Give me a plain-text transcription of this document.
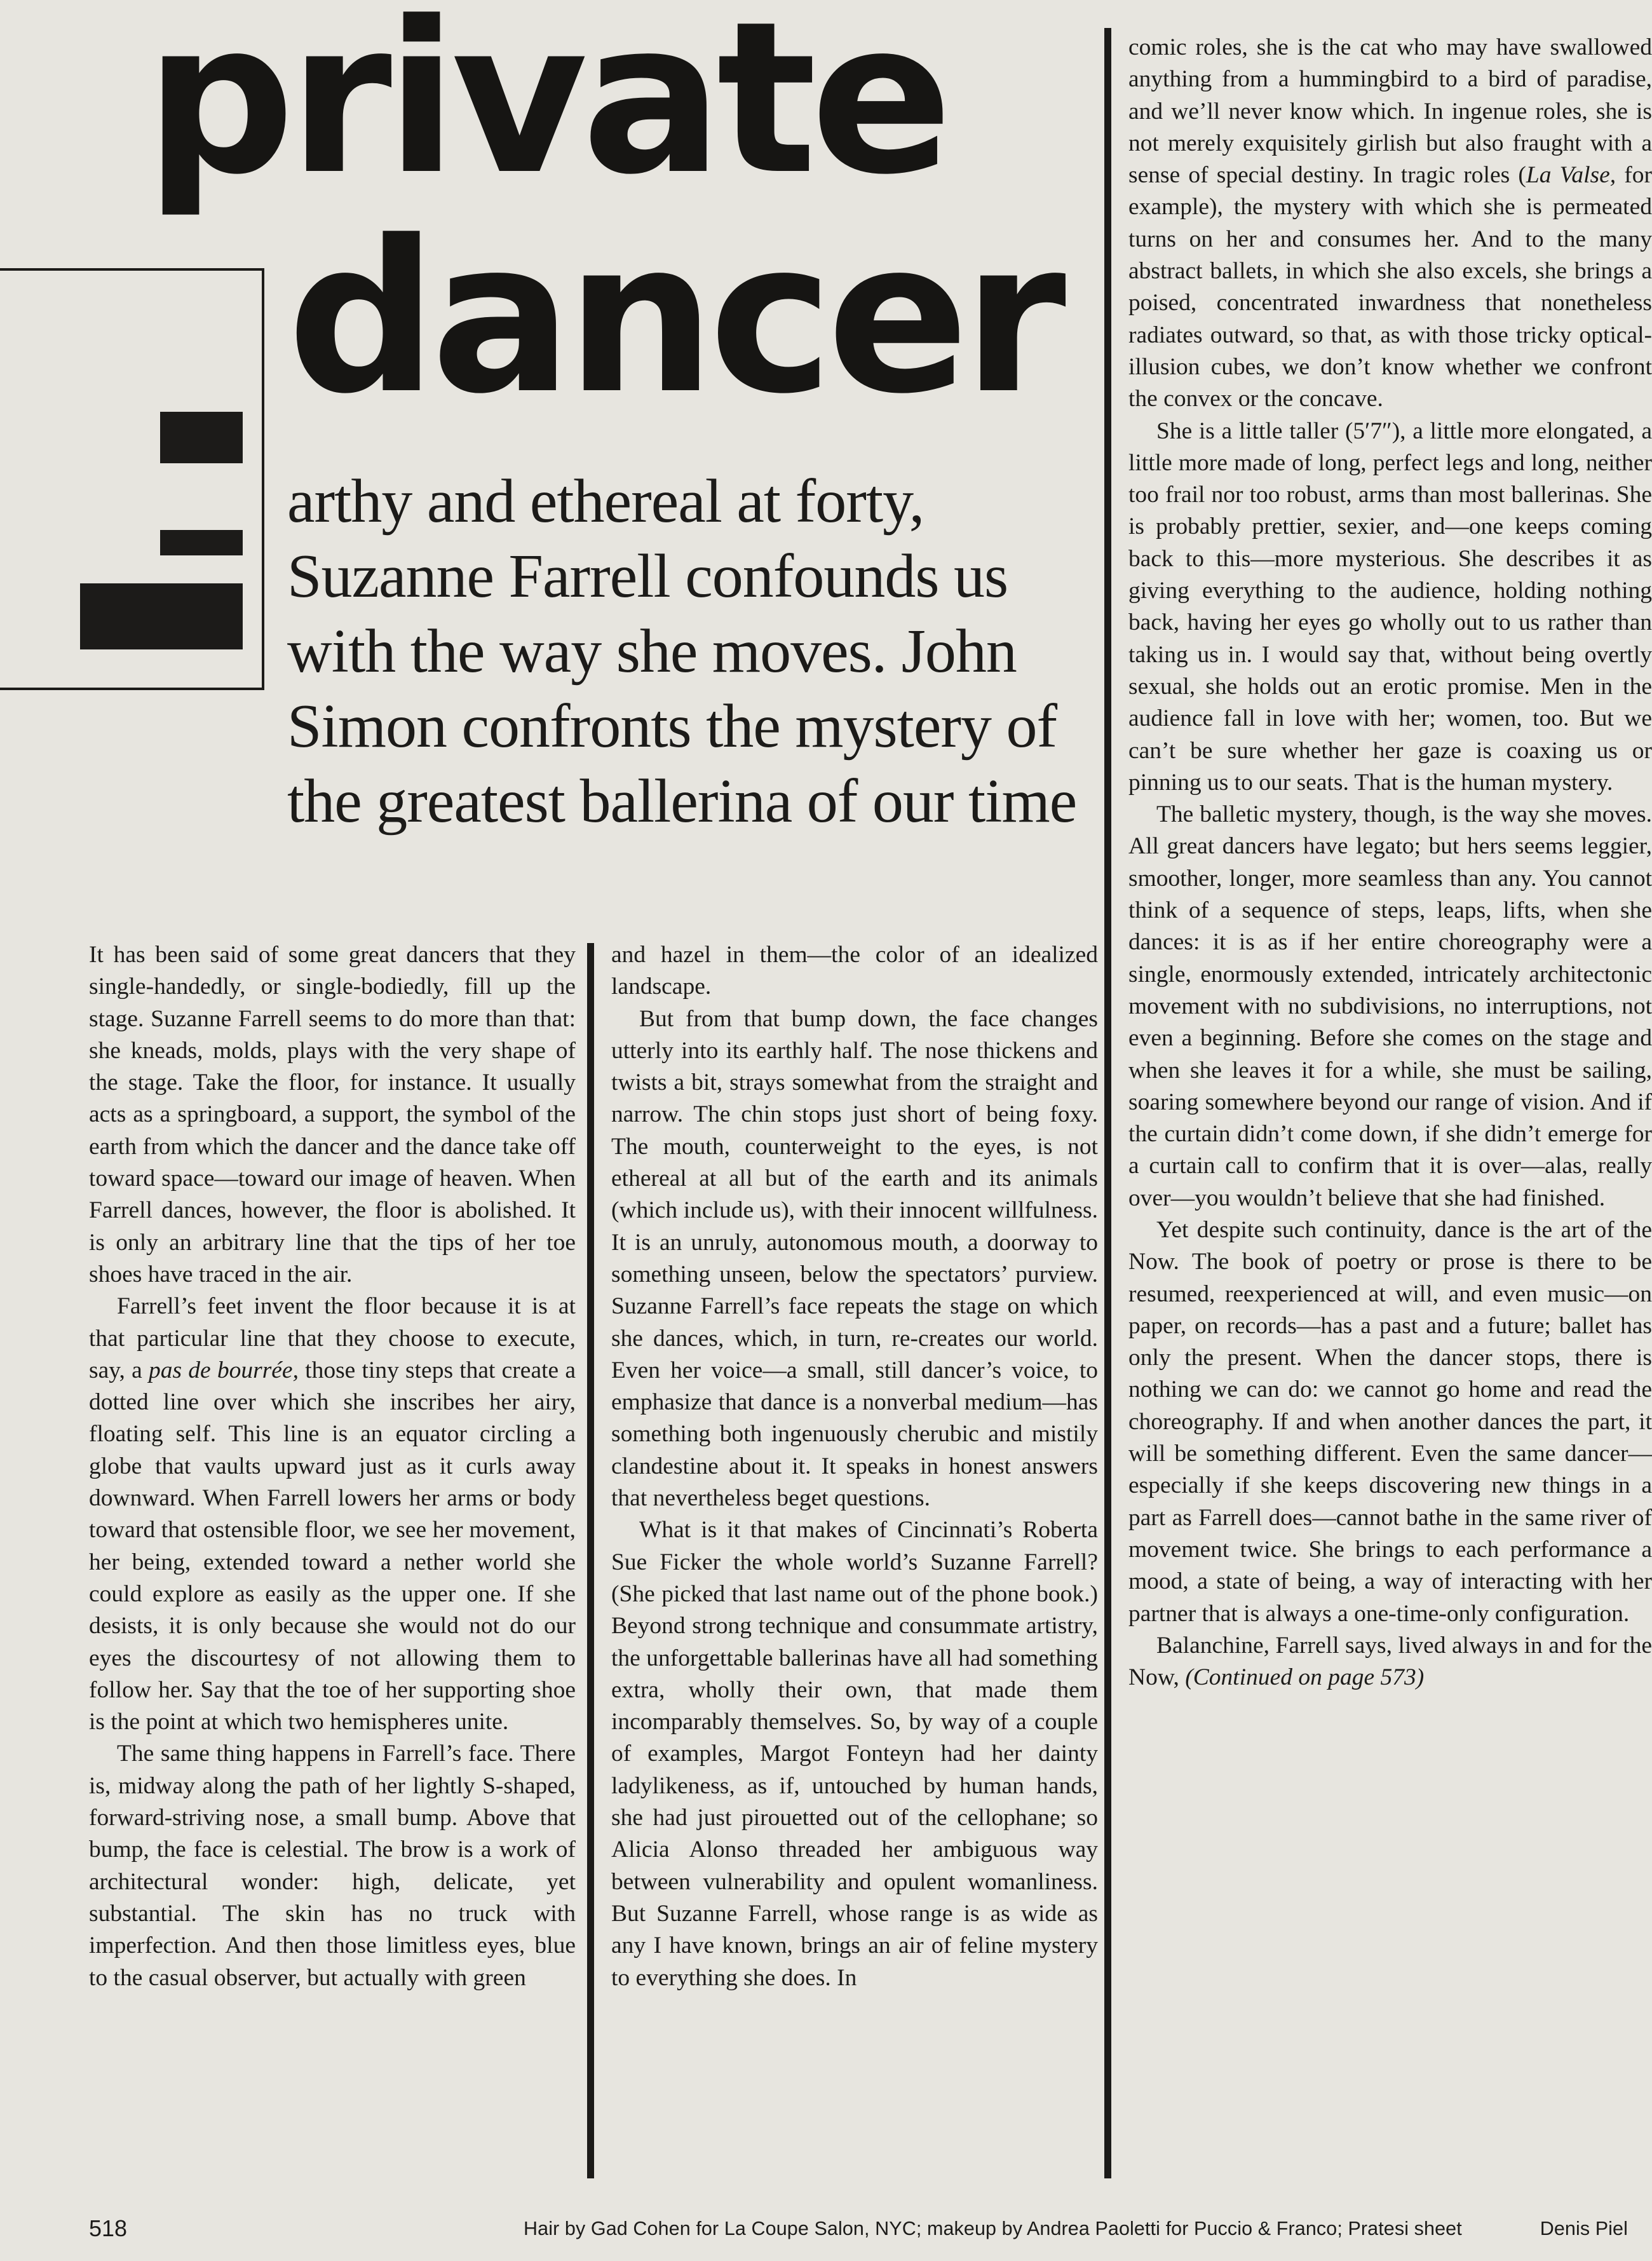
private
dancer
arthy and ethereal at forty, Suzanne Farrell confounds us with the way she moves. John Simon confronts the mystery of the greatest ballerina of our time

It has been said of some great dancers that they single-handedly, or single-bodiedly, fill up the stage. Suzanne Farrell seems to do more than that: she kneads, molds, plays with the very shape of the stage. Take the floor, for instance. It usually acts as a springboard, a support, the symbol of the earth from which the dancer and the dance take off toward space—toward our image of heaven. When Farrell dances, however, the floor is abolished. It is only an arbitrary line that the tips of her toe shoes have traced in the air.

Farrell’s feet invent the floor because it is at that particular line that they choose to execute, say, a pas de bourrée, those tiny steps that create a dotted line over which she inscribes her airy, floating self. This line is an equator circling a globe that vaults upward just as it curls away downward. When Farrell lowers her arms or body toward that ostensible floor, we see her movement, her being, extended toward a nether world she could explore as easily as the upper one. If she desists, it is only because she would not do our eyes the discourtesy of not allowing them to follow her. Say that the toe of her supporting shoe is the point at which two hemispheres unite.

The same thing happens in Farrell’s face. There is, midway along the path of her lightly S-shaped, forward-striving nose, a small bump. Above that bump, the face is celestial. The brow is a work of architectural wonder: high, delicate, yet substantial. The skin has no truck with imperfection. And then those limitless eyes, blue to the casual observer, but actually with green

and hazel in them—the color of an idealized landscape.

But from that bump down, the face changes utterly into its earthly half. The nose thickens and twists a bit, strays somewhat from the straight and narrow. The chin stops just short of being foxy. The mouth, counterweight to the eyes, is not ethereal at all but of the earth and its animals (which include us), with their innocent willfulness. It is an unruly, autonomous mouth, a doorway to something unseen, below the spectators’ purview. Suzanne Farrell’s face repeats the stage on which she dances, which, in turn, re-creates our world. Even her voice—a small, still dancer’s voice, to emphasize that dance is a nonverbal medium—has something both ingenuously cherubic and mistily clandestine about it. It speaks in honest answers that nevertheless beget questions.

What is it that makes of Cincinnati’s Roberta Sue Ficker the whole world’s Suzanne Farrell? (She picked that last name out of the phone book.) Beyond strong technique and consummate artistry, the unforgettable ballerinas have all had something extra, wholly their own, that made them incomparably themselves. So, by way of a couple of examples, Margot Fonteyn had her dainty ladylikeness, as if, untouched by human hands, she had just pirouetted out of the cellophane; so Alicia Alonso threaded her ambiguous way between vulnerability and opulent womanliness. But Suzanne Farrell, whose range is as wide as any I have known, brings an air of feline mystery to everything she does. In

comic roles, she is the cat who may have swallowed anything from a hummingbird to a bird of paradise, and we’ll never know which. In ingenue roles, she is not merely exquisitely girlish but also fraught with a sense of special destiny. In tragic roles (La Valse, for example), the mystery with which she is permeated turns on her and consumes her. And to the many abstract ballets, in which she also excels, she brings a poised, concentrated inwardness that nonetheless radiates outward, so that, as with those tricky optical-illusion cubes, we don’t know whether we confront the convex or the concave.

She is a little taller (5′7″), a little more elongated, a little more made of long, perfect legs and long, neither too frail nor too robust, arms than most ballerinas. She is probably prettier, sexier, and—one keeps coming back to this—more mysterious. She describes it as giving everything to the audience, holding nothing back, having her eyes go wholly out to us rather than taking us in. I would say that, without being overtly sexual, she holds out an erotic promise. Men in the audience fall in love with her; women, too. But we can’t be sure whether her gaze is coaxing us or pinning us to our seats. That is the human mystery.

The balletic mystery, though, is the way she moves. All great dancers have legato; but hers seems leggier, smoother, longer, more seamless than any. You cannot think of a sequence of steps, leaps, lifts, when she dances: it is as if her entire choreography were a single, enormously extended, intricately architectonic movement with no subdivisions, no interruptions, not even a beginning. Before she comes on the stage and when she leaves it for a while, she must be sailing, soaring somewhere beyond our range of vision. And if the curtain didn’t come down, if she didn’t emerge for a curtain call to confirm that it is over—alas, really over—you wouldn’t believe that she had finished.

Yet despite such continuity, dance is the art of the Now. The book of poetry or prose is there to be resumed, reexperienced at will, and even music—on paper, on records—has a past and a future; ballet has only the present. When the dancer stops, there is nothing we can do: we cannot go home and read the choreography. If and when another dances the part, it will be something different. Even the same dancer—especially if she keeps discovering new things in a part as Farrell does—cannot bathe in the same river of movement twice. She brings to each performance a mood, a state of being, a way of interacting with her partner that is always a one-time-only configuration.

Balanchine, Farrell says, lived always in and for the Now, (Continued on page 573)

518	Hair by Gad Cohen for La Coupe Salon, NYC; makeup by Andrea Paoletti for Puccio & Franco; Pratesi sheet	Denis Piel
